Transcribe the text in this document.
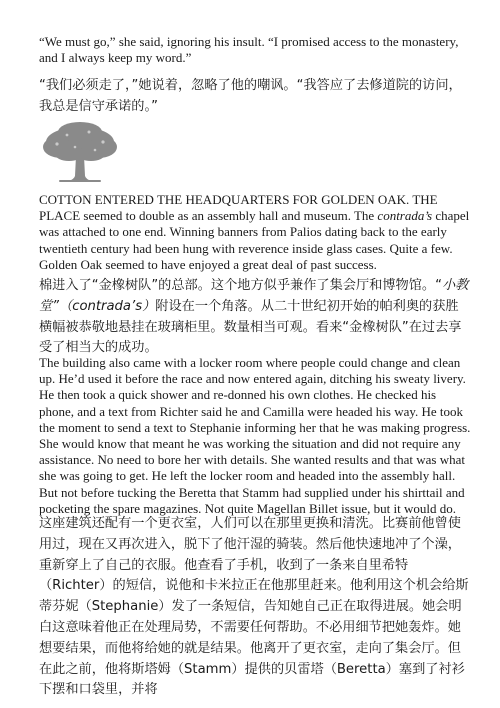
“We must go,” she said, ignoring his insult. “I promised access to the monastery, and I always keep my word.”

“我们必须走了，”她说着，忽略了他的嘲讽。“我答应了去修道院的访问，我总是信守承诺的。”

COTTON ENTERED THE HEADQUARTERS FOR GOLDEN OAK. THE PLACE seemed to double as an assembly hall and museum. The contrada’s chapel was attached to one end. Winning banners from Palios dating back to the early twentieth century had been hung with reverence inside glass cases. Quite a few. Golden Oak seemed to have enjoyed a great deal of past success.

棉进入了“金橡树队”的总部。这个地方似乎兼作了集会厅和博物馆。“小教堂”（contrada’s）附设在一个角落。从二十世纪初开始的帕利奥的获胜横幅被恭敬地悬挂在玻璃柜里。数量相当可观。看来“金橡树队”在过去享受了相当大的成功。

The building also came with a locker room where people could change and clean up. He’d used it before the race and now entered again, ditching his sweaty livery. He then took a quick shower and re-donned his own clothes. He checked his phone, and a text from Richter said he and Camilla were headed his way. He took the moment to send a text to Stephanie informing her that he was making progress. She would know that meant he was working the situation and did not require any assistance. No need to bore her with details. She wanted results and that was what she was going to get. He left the locker room and headed into the assembly hall. But not before tucking the Beretta that Stamm had supplied under his shirttail and pocketing the spare magazines. Not quite Magellan Billet issue, but it would do.

这座建筑还配有一个更衣室，人们可以在那里更换和清洗。比赛前他曾使用过，现在又再次进入，脱下了他汗湿的骑装。然后他快速地冲了个澡，重新穿上了自己的衣服。他查看了手机，收到了一条来自里希特（Richter）的短信，说他和卡米拉正在他那里赶来。他利用这个机会给斯蒂芬妮（Stephanie）发了一条短信，告知她自己正在取得进展。她会明白这意味着他正在处理局势，不需要任何帮助。不必用细节把她轰炸。她想要结果，而他将给她的就是结果。他离开了更衣室，走向了集会厅。但在此之前，他将斯塔姆（Stamm）提供的贝雷塔（Beretta）塞到了衬衫下摆和口袋里，并将
